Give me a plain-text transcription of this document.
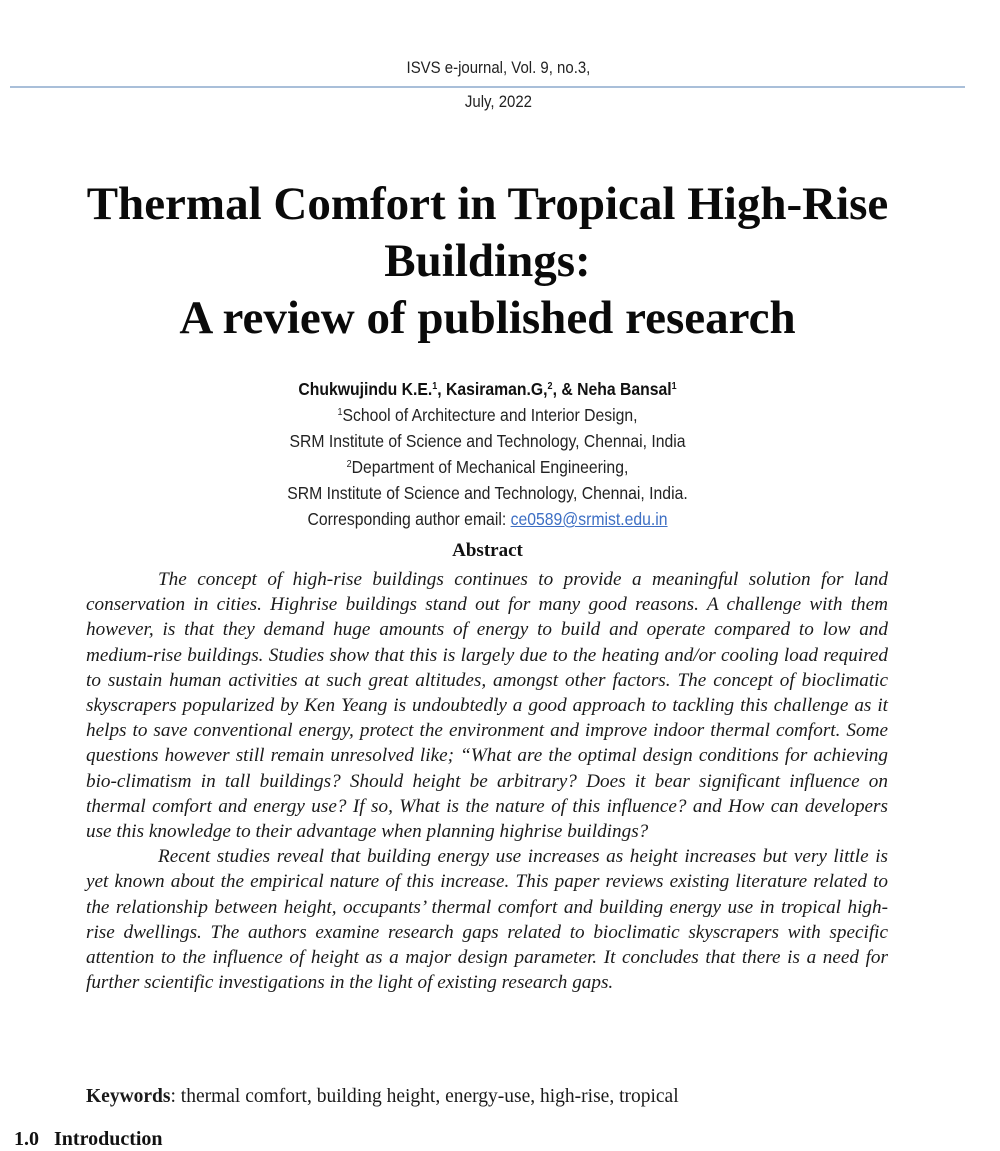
ISVS e-journal, Vol. 9, no.3,
July, 2022
Thermal Comfort in Tropical High-Rise
Buildings:
A review of published research
Chukwujindu K.E.$^1$, Kasiraman.G,$^2$, & Neha Bansal$^1$
$^1$School of Architecture and Interior Design,
SRM Institute of Science and Technology, Chennai, India
$^2$Department of Mechanical Engineering,
SRM Institute of Science and Technology, Chennai, India.
Corresponding author email: ce0589@srmist.edu.in
Abstract

The concept of high-rise buildings continues to provide a meaningful solution for land conservation in cities. Highrise buildings stand out for many good reasons. A challenge with them however, is that they demand huge amounts of energy to build and operate compared to low and medium-rise buildings. Studies show that this is largely due to the heating and/or cooling load required to sustain human activities at such great altitudes, amongst other factors. The concept of bioclimatic skyscrapers popularized by Ken Yeang is undoubtedly a good approach to tackling this challenge as it helps to save conventional energy, protect the environment and improve indoor thermal comfort. Some questions however still remain unresolved like; “What are the optimal design conditions for achieving bio-climatism in tall buildings? Should height be arbitrary? Does it bear significant influence on thermal comfort and energy use? If so, What is the nature of this influence? and How can developers use this knowledge to their advantage when planning highrise buildings?

Recent studies reveal that building energy use increases as height increases but very little is yet known about the empirical nature of this increase. This paper reviews existing literature related to the relationship between height, occupants’ thermal comfort and building energy use in tropical high-rise dwellings. The authors examine research gaps related to bioclimatic skyscrapers with specific attention to the influence of height as a major design parameter. It concludes that there is a need for further scientific investigations in the light of existing research gaps.

Keywords: thermal comfort, building height, energy-use, high-rise, tropical
1.0 Introduction
